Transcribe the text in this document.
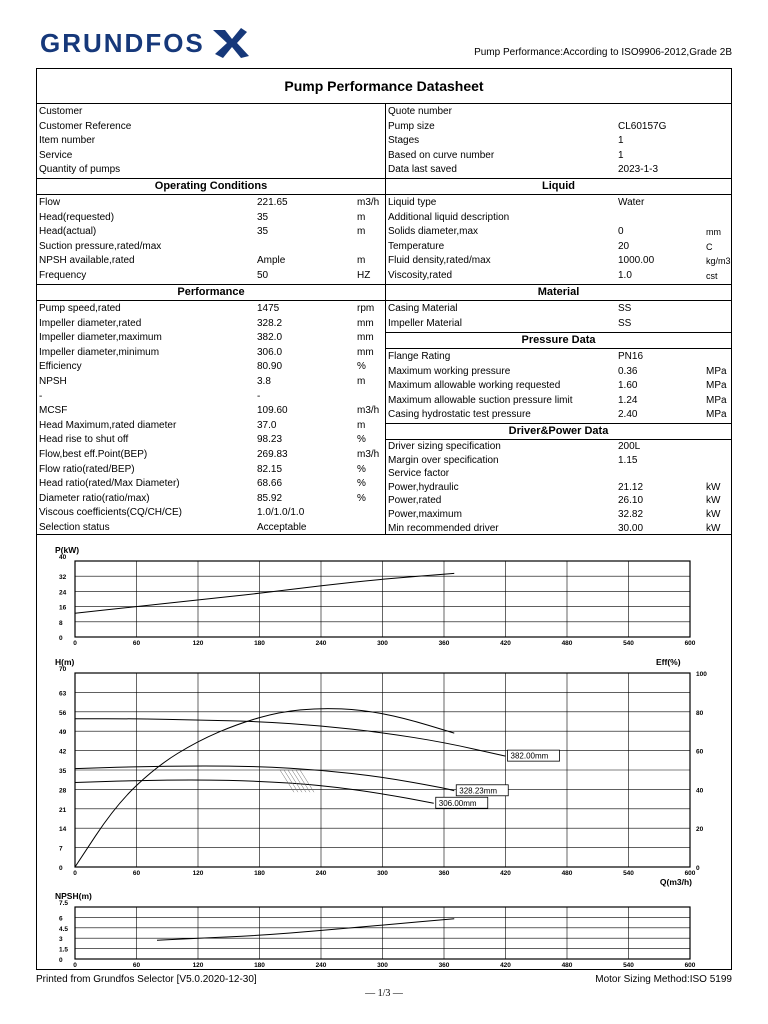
GRUNDFOS	Pump Performance:According to ISO9906-2012,Grade 2B
Pump Performance Datasheet
Customer
Customer Reference
Item number
Service
Quantity of pumps
Quote number
Pump size	CL60157G
Stages	1
Based on curve number	1
Data last saved	2023-1-3
Operating Conditions	Liquid
Flow	221.65	m3/h
Head(requested)	35	m
Head(actual)	35	m
Suction pressure,rated/max
NPSH available,rated	Ample	m
Frequency	50	HZ
Liquid type	Water
Additional liquid description
Solids diameter,max	0	mm
Temperature	20	C
Fluid density,rated/max	1000.00	kg/m3
Viscosity,rated	1.0	cst
Performance	Material
Pump speed,rated	1475	rpm
Impeller diameter,rated	328.2	mm
Impeller diameter,maximum	382.0	mm
Impeller diameter,minimum	306.0	mm
Efficiency	80.90	%
NPSH	3.8	m
-	-
MCSF	109.60	m3/h
Head Maximum,rated diameter	37.0	m
Head rise to shut off	98.23	%
Flow,best eff.Point(BEP)	269.83	m3/h
Flow ratio(rated/BEP)	82.15	%
Head ratio(rated/Max Diameter)	68.66	%
Diameter ratio(ratio/max)	85.92	%
Viscous coefficients(CQ/CH/CE)	1.0/1.0/1.0
Selection status	Acceptable
Casing Material	SS
Impeller Material	SS
Pressure Data
Flange Rating	PN16
Maximum working pressure	0.36	MPa
Maximum allowable working requested	1.60	MPa
Maximum allowable suction pressure limit	1.24	MPa
Casing hydrostatic test pressure	2.40	MPa
Driver&Power Data
Driver sizing specification	200L
Margin over specification	1.15
Service factor
Power,hydraulic	21.12	kW
Power,rated	26.10	kW
Power,maximum	32.82	kW
Min recommended driver	30.00	kW
0	60	120	180	240	300	360	420	480	540	600
0
8
16
24
32
40
P(kW)
0	60	120	180	240	300	360	420	480	540	600
0
7
14
21
28
35
42
49
56
63
70
H(m)
0
20
40
60
80
100
Eff(%)
Q(m3/h)
382.00mm
328.23mm
306.00mm
0	60	120	180	240	300	360	420	480	540	600
0
1.5
3
4.5
6
7.5
NPSH(m)
Printed from Grundfos Selector [V5.0.2020-12-30]	Motor Sizing Method:ISO 5199
— 1/3 —
